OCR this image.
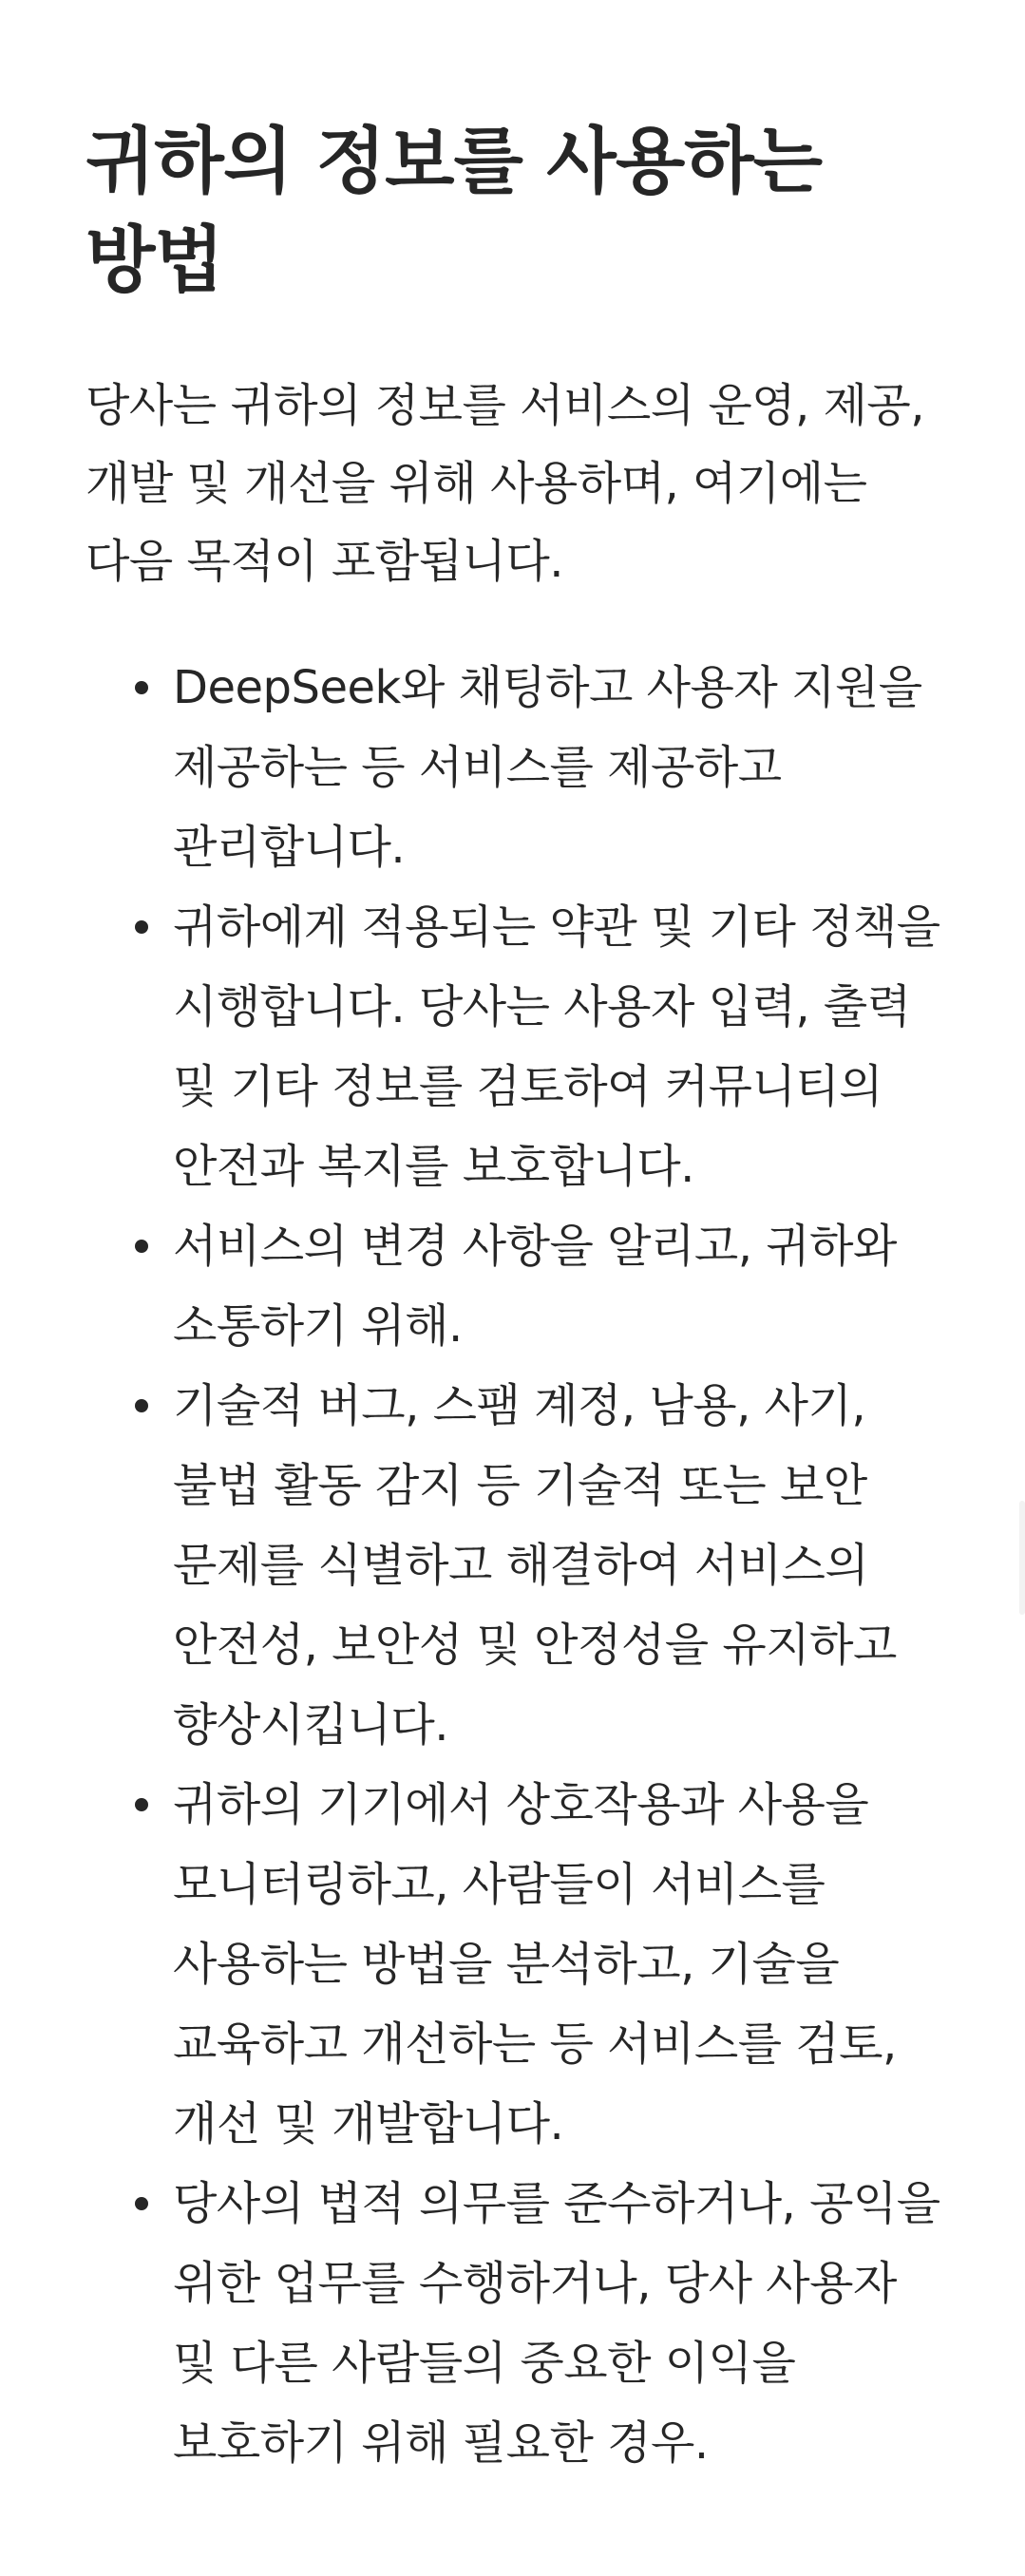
귀하의 정보를 사용하는 방법

당사는 귀하의 정보를 서비스의 운영, 제공, 개발 및 개선을 위해 사용하며, 여기에는 다음 목적이 포함됩니다.

DeepSeek와 채팅하고 사용자 지원을 제공하는 등 서비스를 제공하고 관리합니다.
귀하에게 적용되는 약관 및 기타 정책을 시행합니다. 당사는 사용자 입력, 출력 및 기타 정보를 검토하여 커뮤니티의 안전과 복지를 보호합니다.
서비스의 변경 사항을 알리고, 귀하와 소통하기 위해.
기술적 버그, 스팸 계정, 남용, 사기, 불법 활동 감지 등 기술적 또는 보안 문제를 식별하고 해결하여 서비스의 안전성, 보안성 및 안정성을 유지하고 향상시킵니다.
귀하의 기기에서 상호작용과 사용을 모니터링하고, 사람들이 서비스를 사용하는 방법을 분석하고, 기술을 교육하고 개선하는 등 서비스를 검토, 개선 및 개발합니다.
당사의 법적 의무를 준수하거나, 공익을 위한 업무를 수행하거나, 당사 사용자 및 다른 사람들의 중요한 이익을 보호하기 위해 필요한 경우.
